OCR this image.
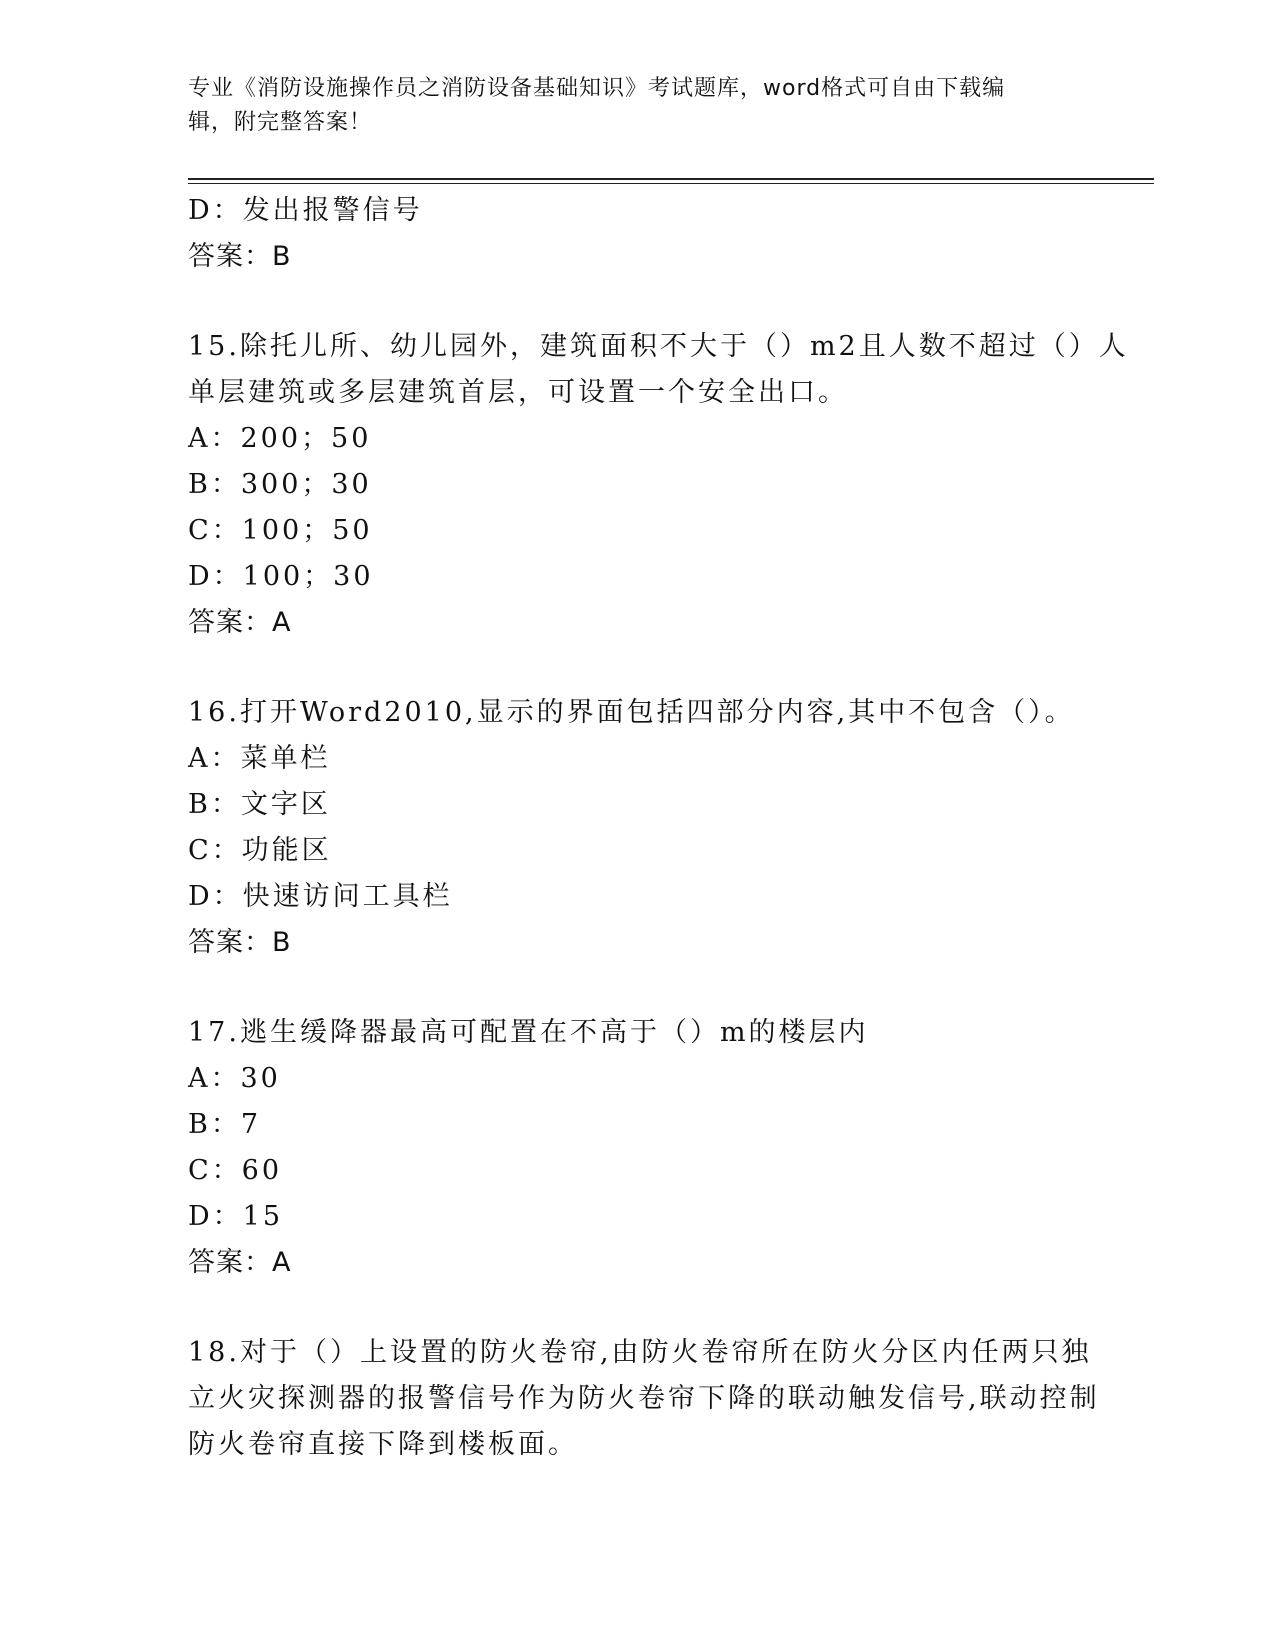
专业《消防设施操作员之消防设备基础知识》考试题库，word格式可自由下载编
辑，附完整答案！
D：发出报警信号
答案：B
15.除托儿所、幼儿园外，建筑面积不大于（）m2且人数不超过（）人
单层建筑或多层建筑首层，可设置一个安全出口。
A：200；50
B：300；30
C：100；50
D：100；30
答案：A
16.打开Word2010,显示的界面包括四部分内容,其中不包含（）。
A：菜单栏
B：文字区
C：功能区
D：快速访问工具栏
答案：B
17.逃生缓降器最高可配置在不高于（）m的楼层内
A：30
B：7
C：60
D：15
答案：A
18.对于（）上设置的防火卷帘,由防火卷帘所在防火分区内任两只独
立火灾探测器的报警信号作为防火卷帘下降的联动触发信号,联动控制
防火卷帘直接下降到楼板面。
